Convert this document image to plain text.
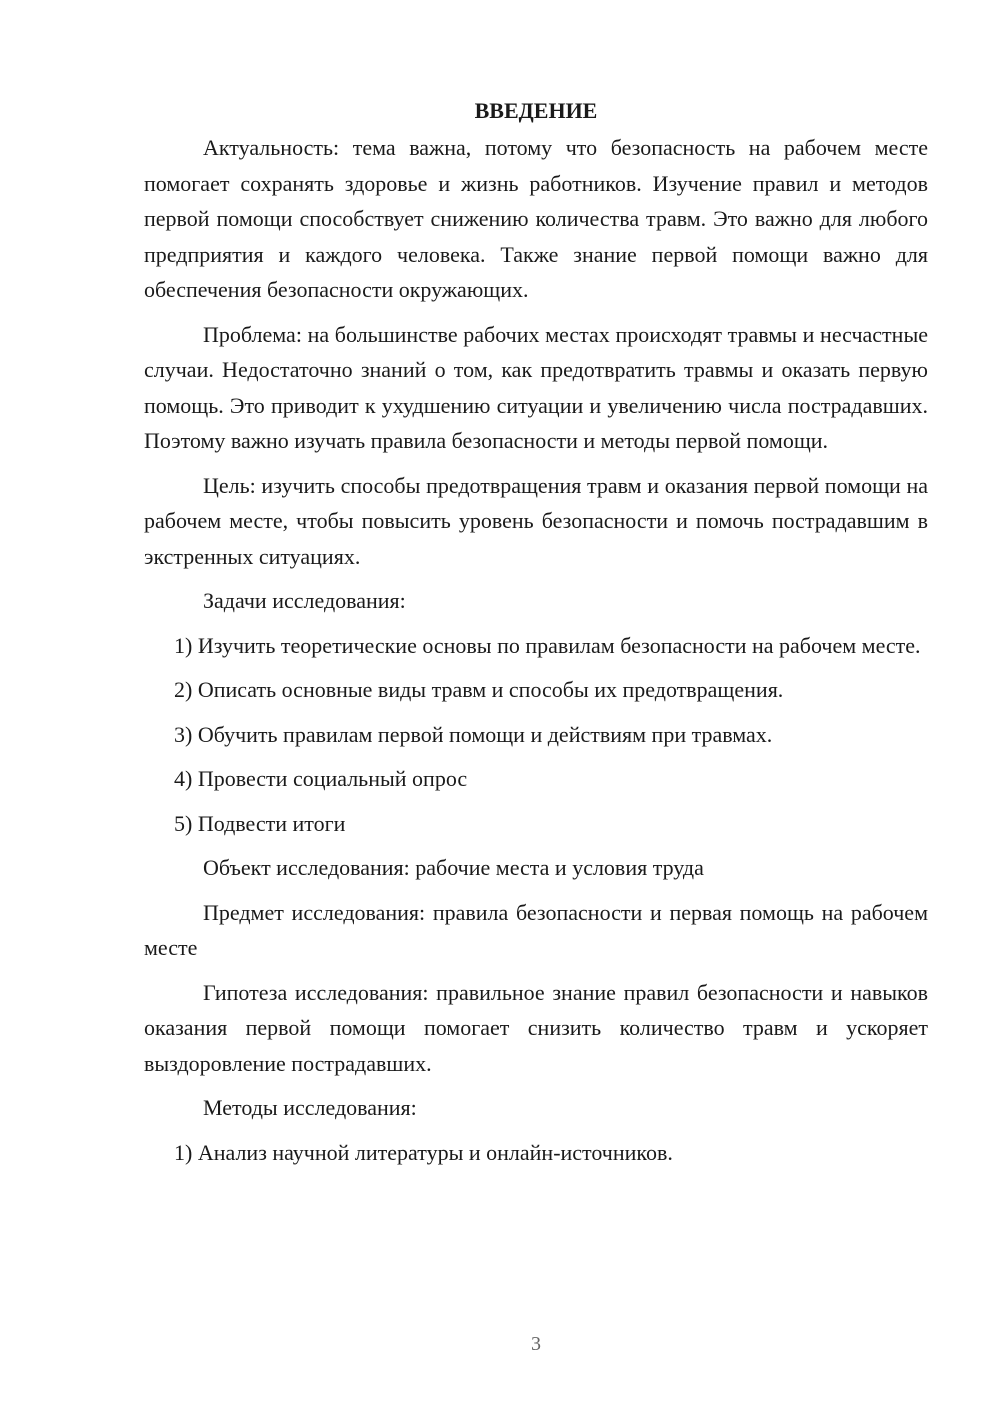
ВВЕДЕНИЕ

Актуальность: тема важна, потому что безопасность на рабочем месте помогает сохранять здоровье и жизнь работников. Изучение правил и методов первой помощи способствует снижению количества травм. Это важно для любого предприятия и каждого человека. Также знание первой помощи важно для обеспечения безопасности окружающих.

Проблема: на большинстве рабочих местах происходят травмы и несчастные случаи. Недостаточно знаний о том, как предотвратить травмы и оказать первую помощь. Это приводит к ухудшению ситуации и увеличению числа пострадавших. Поэтому важно изучать правила безопасности и методы первой помощи.

Цель: изучить способы предотвращения травм и оказания первой помощи на рабочем месте, чтобы повысить уровень безопасности и помочь пострадавшим в экстренных ситуациях.

Задачи исследования:

1) Изучить теоретические основы по правилам безопасности на рабочем месте.

2) Описать основные виды травм и способы их предотвращения.

3) Обучить правилам первой помощи и действиям при травмах.

4) Провести социальный опрос

5) Подвести итоги

Объект исследования: рабочие места и условия труда

Предмет исследования: правила безопасности и первая помощь на рабочем месте

Гипотеза исследования: правильное знание правил безопасности и навыков оказания первой помощи помогает снизить количество травм и ускоряет выздоровление пострадавших.

Методы исследования:

1) Анализ научной литературы и онлайн-источников.

3
